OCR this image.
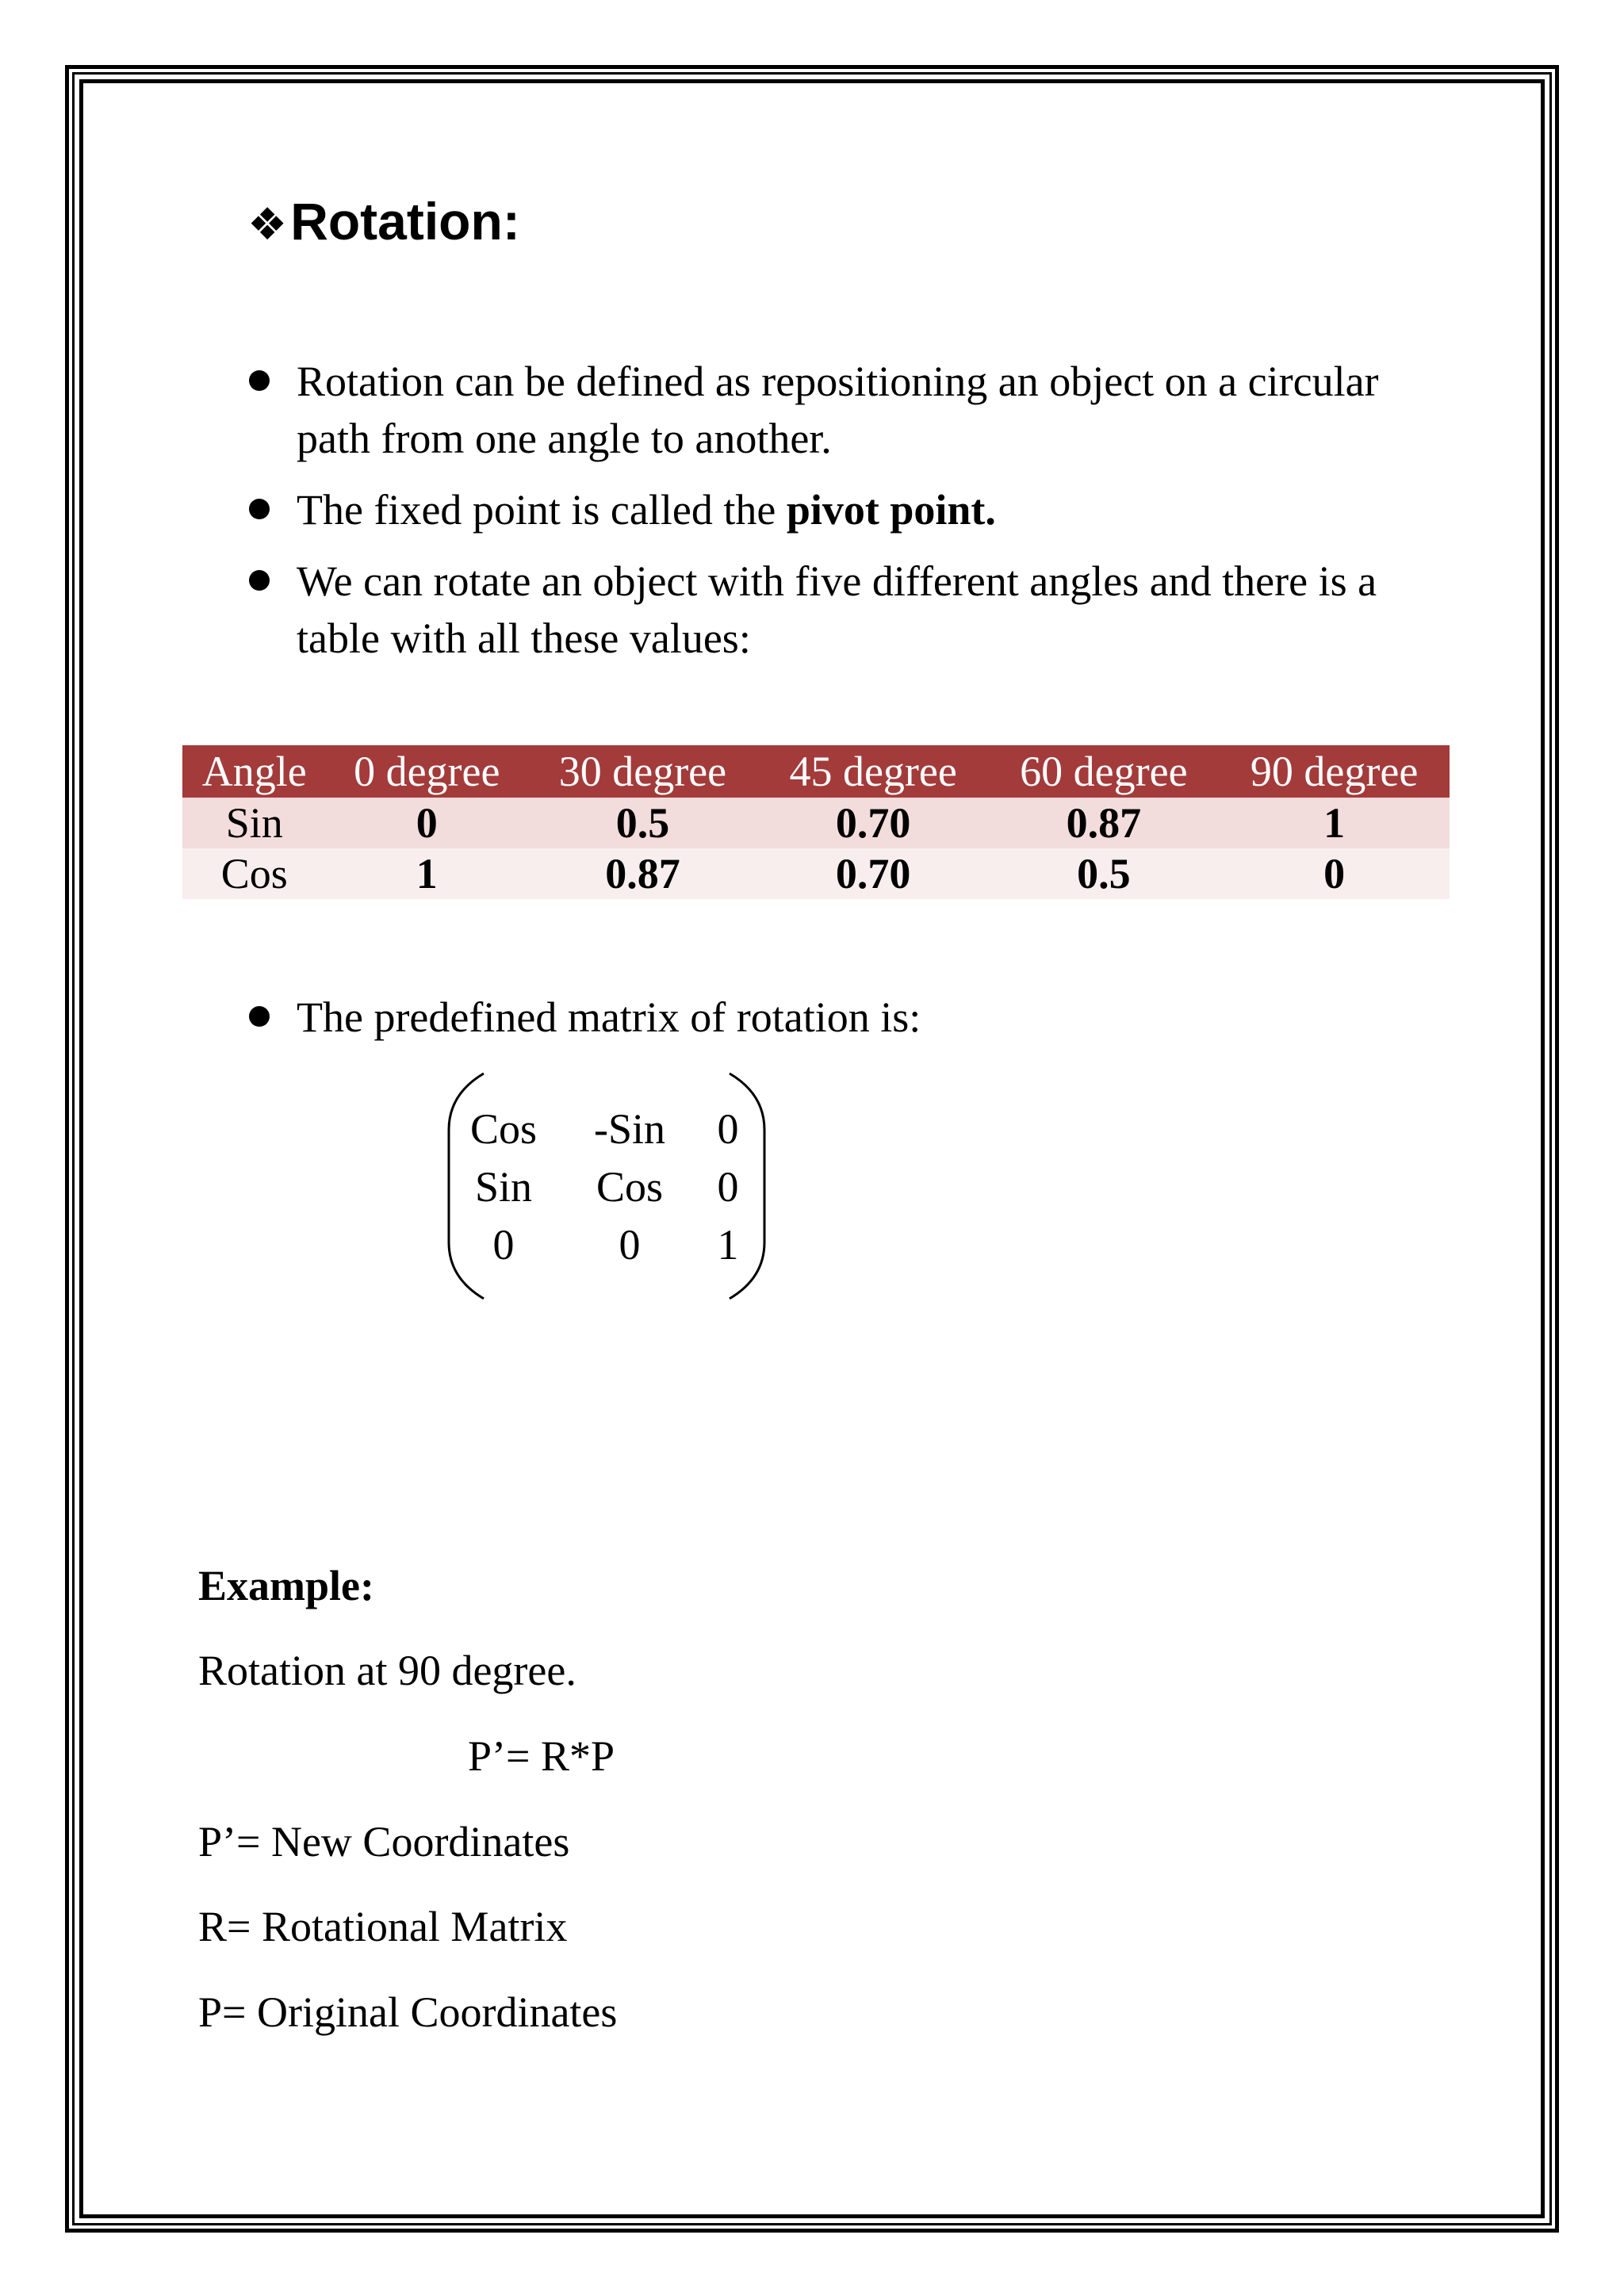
❖Rotation:
Rotation can be defined as repositioning an object on a circular path from one angle to another.
The fixed point is called the pivot point.
We can rotate an object with five different angles and there is a table with all these values:
Angle	0 degree	30 degree	45 degree	60 degree	90 degree
Sin	0	0.5	0.70	0.87	1
Cos	1	0.87	0.70	0.5	0
The predefined matrix of rotation is:
Cos -Sin	0
Sin	Cos	0
0	0	1
Example:
Rotation at 90 degree.
P’= R*P
P’= New Coordinates
R= Rotational Matrix
P= Original Coordinates
